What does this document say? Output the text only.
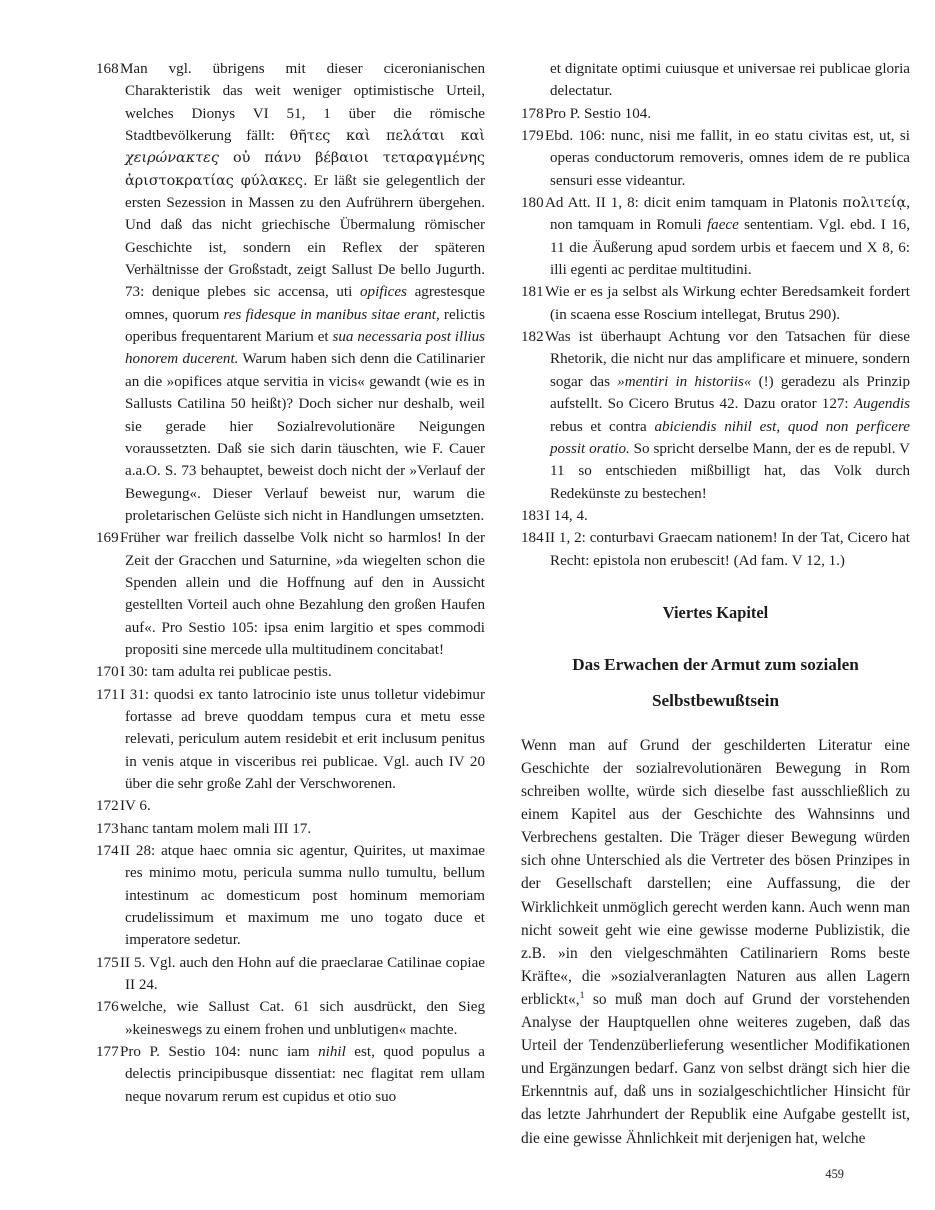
168Man vgl. übrigens mit dieser ciceronianischen Charakteristik das weit weniger optimistische Urteil, welches Dionys VI 51, 1 über die römische Stadtbevölkerung fällt: θῆτες καὶ πελάται καὶ χειρώνακτες οὐ πάνυ βέβαιοι τεταραγμένης ἀριστοκρατίας φύλακες. Er läßt sie gelegentlich der ersten Sezession in Massen zu den Aufrührern übergehen. Und daß das nicht griechische Übermalung römischer Geschichte ist, sondern ein Reflex der späteren Verhältnisse der Großstadt, zeigt Sallust De bello Jugurth. 73: denique plebes sic accensa, uti opifices agrestesque omnes, quorum res fidesque in manibus sitae erant, relictis operibus frequentarent Marium et sua necessaria post illius honorem ducerent. Warum haben sich denn die Catilinarier an die »opifices atque servitia in vicis« gewandt (wie es in Sallusts Catilina 50 heißt)? Doch sicher nur deshalb, weil sie gerade hier Sozialrevolutionäre Neigungen voraussetzten. Daß sie sich darin täuschten, wie F. Cauer a.a.O. S. 73 behauptet, beweist doch nicht der »Verlauf der Bewegung«. Dieser Verlauf beweist nur, warum die proletarischen Gelüste sich nicht in Handlungen umsetzten.

169Früher war freilich dasselbe Volk nicht so harmlos! In der Zeit der Gracchen und Saturnine, »da wiegelten schon die Spenden allein und die Hoffnung auf den in Aussicht gestellten Vorteil auch ohne Bezahlung den großen Haufen auf«. Pro Sestio 105: ipsa enim largitio et spes commodi propositi sine mercede ulla multitudinem concitabat!

170I 30: tam adulta rei publicae pestis.

171I 31: quodsi ex tanto latrocinio iste unus tolletur videbimur fortasse ad breve quoddam tempus cura et metu esse relevati, periculum autem residebit et erit inclusum penitus in venis atque in visceribus rei publicae. Vgl. auch IV 20 über die sehr große Zahl der Verschworenen.

172IV 6.

173hanc tantam molem mali III 17.

174II 28: atque haec omnia sic agentur, Quirites, ut maximae res minimo motu, pericula summa nullo tumultu, bellum intestinum ac domesticum post hominum memoriam crudelissimum et maximum me uno togato duce et imperatore sedetur.

175II 5. Vgl. auch den Hohn auf die praeclarae Catilinae copiae II 24.

176welche, wie Sallust Cat. 61 sich ausdrückt, den Sieg »keineswegs zu einem frohen und unblutigen« machte.

177Pro P. Sestio 104: nunc iam nihil est, quod populus a delectis principibusque dissentiat: nec flagitat rem ullam neque novarum rerum est cupidus et otio suo

et dignitate optimi cuiusque et universae rei publicae gloria delectatur.

178Pro P. Sestio 104.

179Ebd. 106: nunc, nisi me fallit, in eo statu civitas est, ut, si operas conductorum removeris, omnes idem de re publica sensuri esse videantur.

180Ad Att. II 1, 8: dicit enim tamquam in Platonis πολιτείᾳ, non tamquam in Romuli faece sententiam. Vgl. ebd. I 16, 11 die Äußerung apud sordem urbis et faecem und X 8, 6: illi egenti ac perditae multitudini.

181Wie er es ja selbst als Wirkung echter Beredsamkeit fordert (in scaena esse Roscium intellegat, Brutus 290).

182Was ist überhaupt Achtung vor den Tatsachen für diese Rhetorik, die nicht nur das amplificare et minuere, sondern sogar das »mentiri in historiis« (!) geradezu als Prinzip aufstellt. So Cicero Brutus 42. Dazu orator 127: Augendis rebus et contra abiciendis nihil est, quod non perficere possit oratio. So spricht derselbe Mann, der es de republ. V 11 so entschieden mißbilligt hat, das Volk durch Redekünste zu bestechen!

183I 14, 4.

184II 1, 2: conturbavi Graecam nationem! In der Tat, Cicero hat Recht: epistola non erubescit! (Ad fam. V 12, 1.)

Viertes Kapitel
Das Erwachen der Armut zum sozialen
Selbstbewußtsein
Wenn man auf Grund der geschilderten Literatur eine Geschichte der sozialrevolutionären Bewegung in Rom schreiben wollte, würde sich dieselbe fast ausschließlich zu einem Kapitel aus der Geschichte des Wahnsinns und Verbrechens gestalten. Die Träger dieser Bewegung würden sich ohne Unterschied als die Vertreter des bösen Prinzipes in der Gesellschaft darstellen; eine Auffassung, die der Wirklichkeit unmöglich gerecht werden kann. Auch wenn man nicht soweit geht wie eine gewisse moderne Publizistik, die z.B. »in den vielgeschmähten Catilinariern Roms beste Kräfte«, die »sozialveranlagten Naturen aus allen Lagern erblickt«,$^1$ so muß man doch auf Grund der vorstehenden Analyse der Hauptquellen ohne weiteres zugeben, daß das Urteil der Tendenzüberlieferung wesentlicher Modifikationen und Ergänzungen bedarf. Ganz von selbst drängt sich hier die Erkenntnis auf, daß uns in sozialgeschichtlicher Hinsicht für das letzte Jahrhundert der Republik eine Aufgabe gestellt ist, die eine gewisse Ähnlichkeit mit derjenigen hat, welche
459
